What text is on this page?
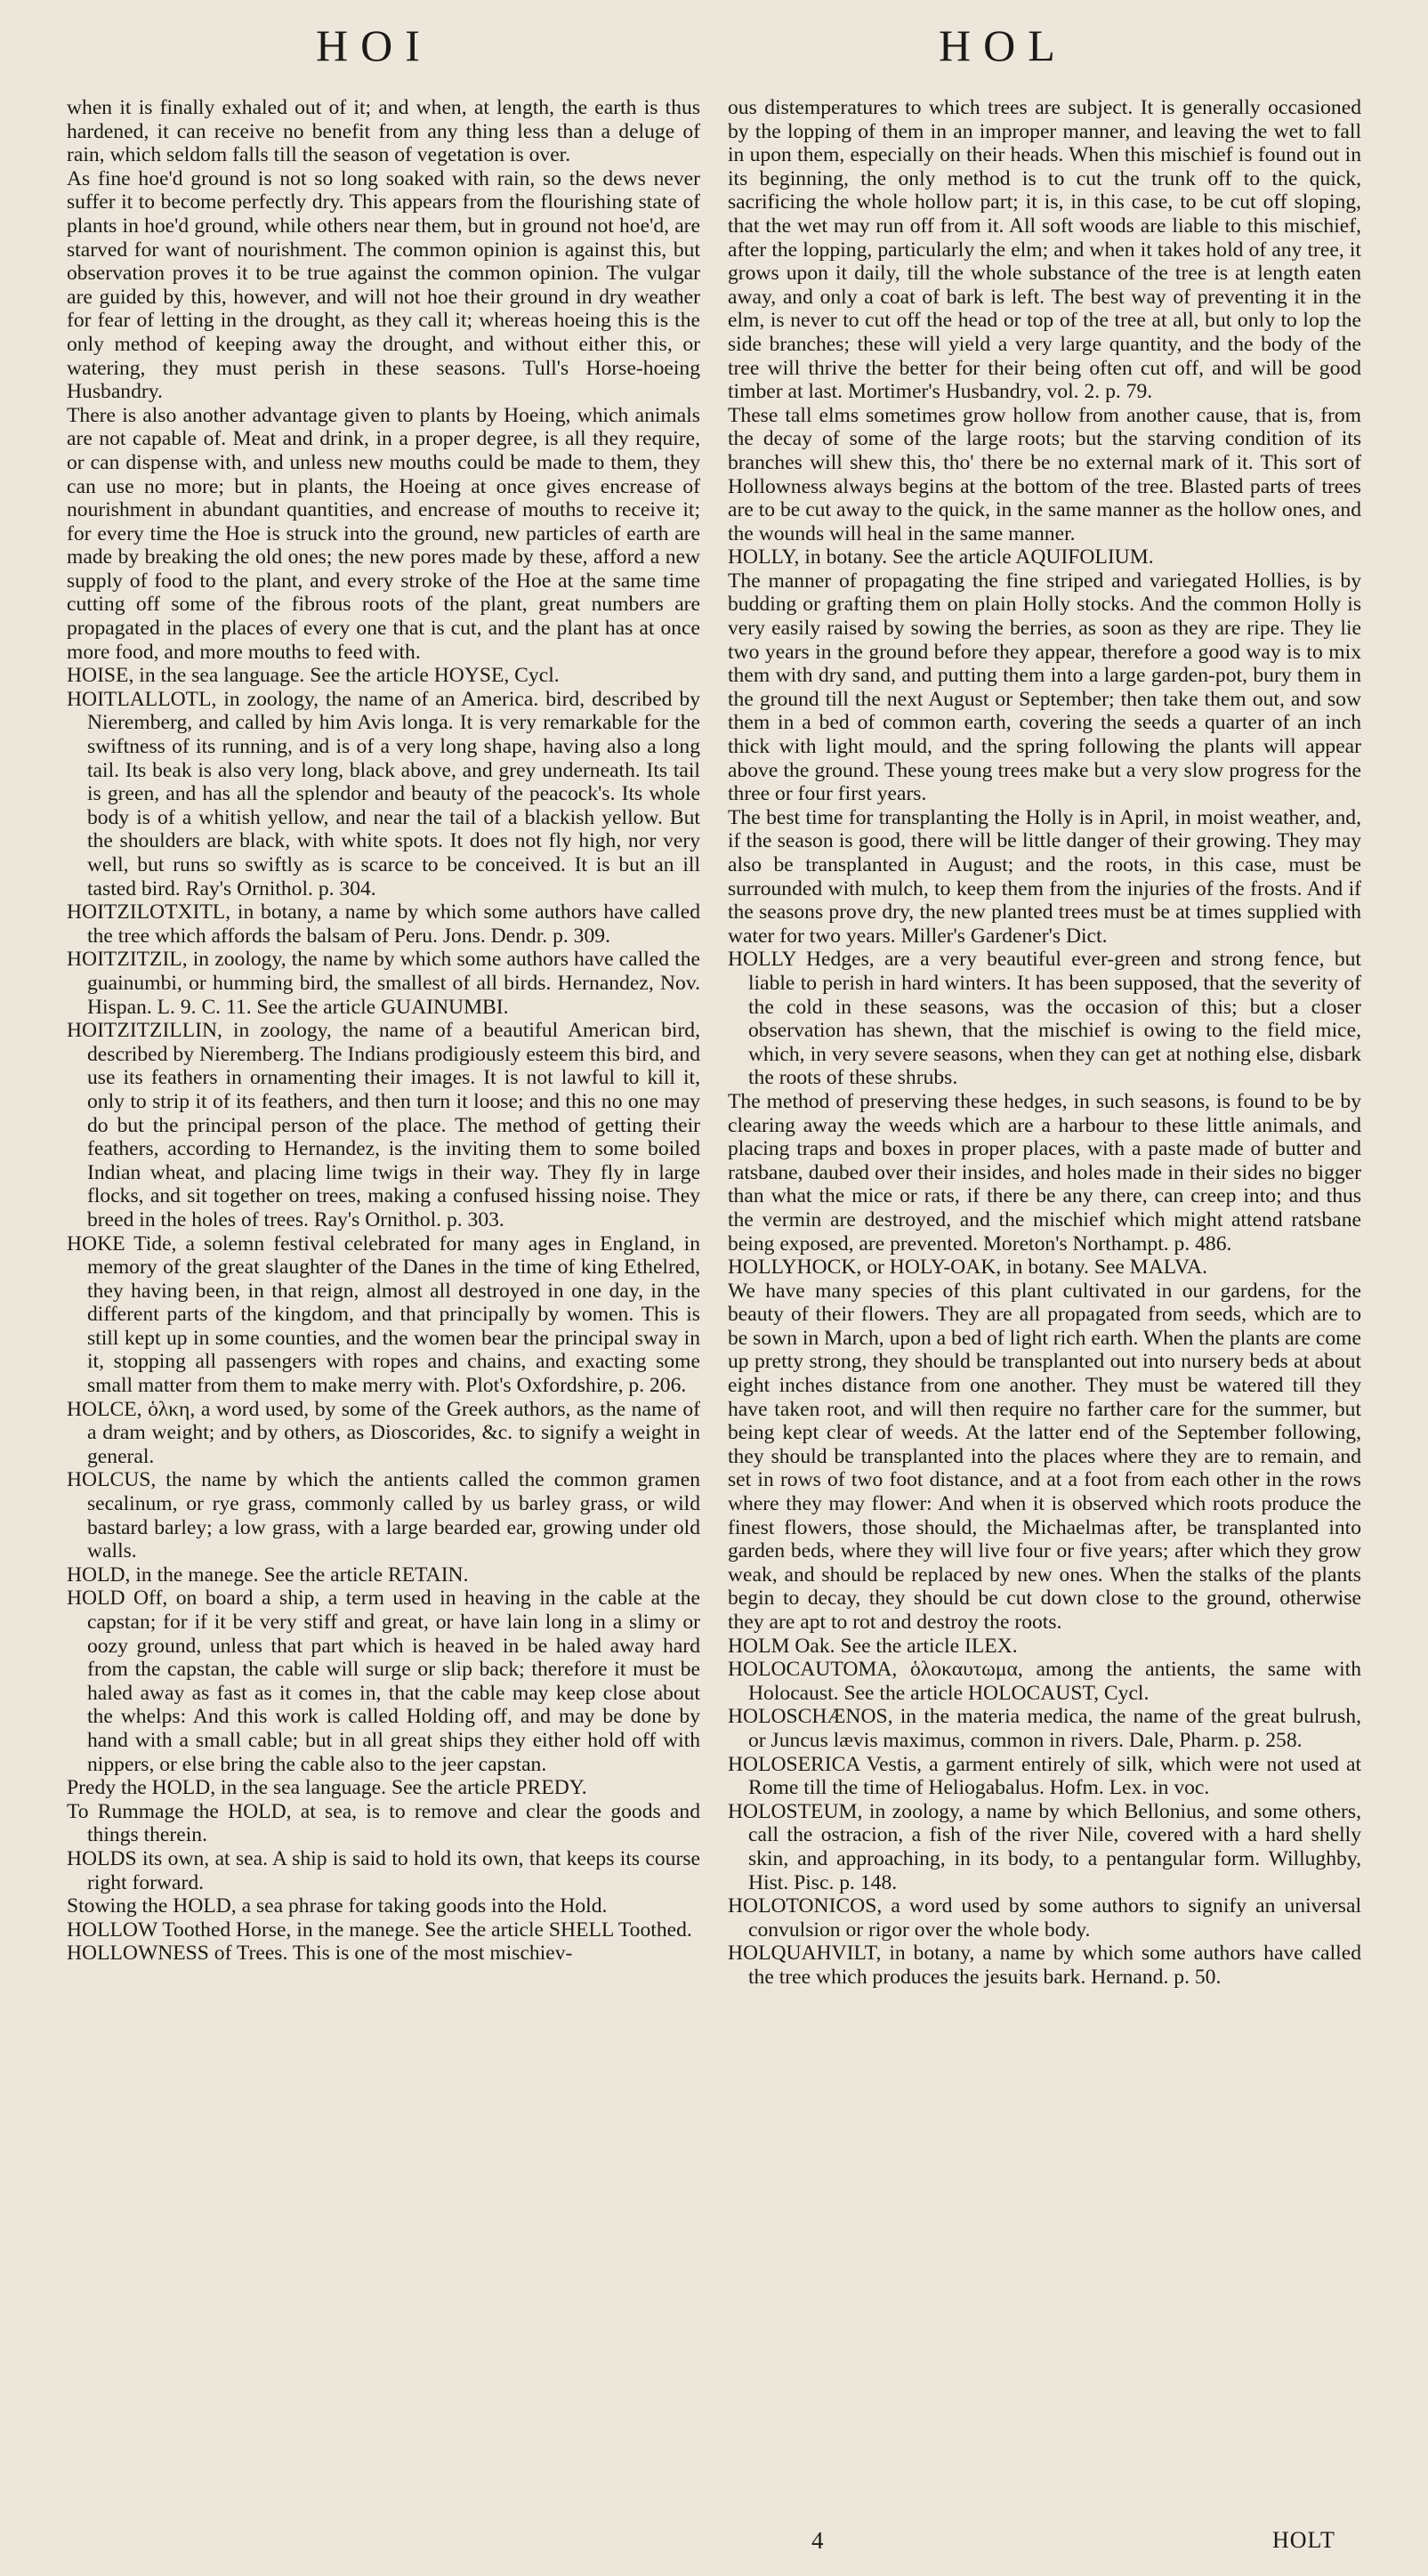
HOI	HOL

when it is finally exhaled out of it; and when, at length, the earth is thus hardened, it can receive no benefit from any thing less than a deluge of rain, which seldom falls till the season of vegetation is over.

As fine hoe'd ground is not so long soaked with rain, so the dews never suffer it to become perfectly dry. This appears from the flourishing state of plants in hoe'd ground, while others near them, but in ground not hoe'd, are starved for want of nourishment. The common opinion is against this, but observation proves it to be true against the common opinion. The vulgar are guided by this, however, and will not hoe their ground in dry weather for fear of letting in the drought, as they call it; whereas hoeing this is the only method of keeping away the drought, and without either this, or watering, they must perish in these seasons. Tull's Horse-hoeing Husbandry.

There is also another advantage given to plants by Hoeing, which animals are not capable of. Meat and drink, in a proper degree, is all they require, or can dispense with, and unless new mouths could be made to them, they can use no more; but in plants, the Hoeing at once gives encrease of nourishment in abundant quantities, and encrease of mouths to receive it; for every time the Hoe is struck into the ground, new particles of earth are made by breaking the old ones; the new pores made by these, afford a new supply of food to the plant, and every stroke of the Hoe at the same time cutting off some of the fibrous roots of the plant, great numbers are propagated in the places of every one that is cut, and the plant has at once more food, and more mouths to feed with.

HOISE, in the sea language. See the article HOYSE, Cycl.

HOITLALLOTL, in zoology, the name of an America. bird, described by Nieremberg, and called by him Avis longa. It is very remarkable for the swiftness of its running, and is of a very long shape, having also a long tail. Its beak is also very long, black above, and grey underneath. Its tail is green, and has all the splendor and beauty of the peacock's. Its whole body is of a whitish yellow, and near the tail of a blackish yellow. But the shoulders are black, with white spots. It does not fly high, nor very well, but runs so swiftly as is scarce to be conceived. It is but an ill tasted bird. Ray's Ornithol. p. 304.

HOITZILOTXITL, in botany, a name by which some authors have called the tree which affords the balsam of Peru. Jons. Dendr. p. 309.

HOITZITZIL, in zoology, the name by which some authors have called the guainumbi, or humming bird, the smallest of all birds. Hernandez, Nov. Hispan. L. 9. C. 11. See the article GUAINUMBI.

HOITZITZILLIN, in zoology, the name of a beautiful American bird, described by Nieremberg. The Indians prodigiously esteem this bird, and use its feathers in ornamenting their images. It is not lawful to kill it, only to strip it of its feathers, and then turn it loose; and this no one may do but the principal person of the place. The method of getting their feathers, according to Hernandez, is the inviting them to some boiled Indian wheat, and placing lime twigs in their way. They fly in large flocks, and sit together on trees, making a confused hissing noise. They breed in the holes of trees. Ray's Ornithol. p. 303.

HOKE Tide, a solemn festival celebrated for many ages in England, in memory of the great slaughter of the Danes in the time of king Ethelred, they having been, in that reign, almost all destroyed in one day, in the different parts of the kingdom, and that principally by women. This is still kept up in some counties, and the women bear the principal sway in it, stopping all passengers with ropes and chains, and exacting some small matter from them to make merry with. Plot's Oxfordshire, p. 206.

HOLCE, ὁλκη, a word used, by some of the Greek authors, as the name of a dram weight; and by others, as Dioscorides, &c. to signify a weight in general.

HOLCUS, the name by which the antients called the common gramen secalinum, or rye grass, commonly called by us barley grass, or wild bastard barley; a low grass, with a large bearded ear, growing under old walls.

HOLD, in the manege. See the article RETAIN.

HOLD Off, on board a ship, a term used in heaving in the cable at the capstan; for if it be very stiff and great, or have lain long in a slimy or oozy ground, unless that part which is heaved in be haled away hard from the capstan, the cable will surge or slip back; therefore it must be haled away as fast as it comes in, that the cable may keep close about the whelps: And this work is called Holding off, and may be done by hand with a small cable; but in all great ships they either hold off with nippers, or else bring the cable also to the jeer capstan.

Predy the HOLD, in the sea language. See the article PREDY.

To Rummage the HOLD, at sea, is to remove and clear the goods and things therein.

HOLDS its own, at sea. A ship is said to hold its own, that keeps its course right forward.

Stowing the HOLD, a sea phrase for taking goods into the Hold.

HOLLOW Toothed Horse, in the manege. See the article SHELL Toothed.

HOLLOWNESS of Trees. This is one of the most mischiev-

ous distemperatures to which trees are subject. It is generally occasioned by the lopping of them in an improper manner, and leaving the wet to fall in upon them, especially on their heads. When this mischief is found out in its beginning, the only method is to cut the trunk off to the quick, sacrificing the whole hollow part; it is, in this case, to be cut off sloping, that the wet may run off from it. All soft woods are liable to this mischief, after the lopping, particularly the elm; and when it takes hold of any tree, it grows upon it daily, till the whole substance of the tree is at length eaten away, and only a coat of bark is left. The best way of preventing it in the elm, is never to cut off the head or top of the tree at all, but only to lop the side branches; these will yield a very large quantity, and the body of the tree will thrive the better for their being often cut off, and will be good timber at last. Mortimer's Husbandry, vol. 2. p. 79.

These tall elms sometimes grow hollow from another cause, that is, from the decay of some of the large roots; but the starving condition of its branches will shew this, tho' there be no external mark of it. This sort of Hollowness always begins at the bottom of the tree. Blasted parts of trees are to be cut away to the quick, in the same manner as the hollow ones, and the wounds will heal in the same manner.

HOLLY, in botany. See the article AQUIFOLIUM.

The manner of propagating the fine striped and variegated Hollies, is by budding or grafting them on plain Holly stocks. And the common Holly is very easily raised by sowing the berries, as soon as they are ripe. They lie two years in the ground before they appear, therefore a good way is to mix them with dry sand, and putting them into a large garden-pot, bury them in the ground till the next August or September; then take them out, and sow them in a bed of common earth, covering the seeds a quarter of an inch thick with light mould, and the spring following the plants will appear above the ground. These young trees make but a very slow progress for the three or four first years.

The best time for transplanting the Holly is in April, in moist weather, and, if the season is good, there will be little danger of their growing. They may also be transplanted in August; and the roots, in this case, must be surrounded with mulch, to keep them from the injuries of the frosts. And if the seasons prove dry, the new planted trees must be at times supplied with water for two years. Miller's Gardener's Dict.

HOLLY Hedges, are a very beautiful ever-green and strong fence, but liable to perish in hard winters. It has been supposed, that the severity of the cold in these seasons, was the occasion of this; but a closer observation has shewn, that the mischief is owing to the field mice, which, in very severe seasons, when they can get at nothing else, disbark the roots of these shrubs.

The method of preserving these hedges, in such seasons, is found to be by clearing away the weeds which are a harbour to these little animals, and placing traps and boxes in proper places, with a paste made of butter and ratsbane, daubed over their insides, and holes made in their sides no bigger than what the mice or rats, if there be any there, can creep into; and thus the vermin are destroyed, and the mischief which might attend ratsbane being exposed, are prevented. Moreton's Northampt. p. 486.

HOLLYHOCK, or HOLY-OAK, in botany. See MALVA.

We have many species of this plant cultivated in our gardens, for the beauty of their flowers. They are all propagated from seeds, which are to be sown in March, upon a bed of light rich earth. When the plants are come up pretty strong, they should be transplanted out into nursery beds at about eight inches distance from one another. They must be watered till they have taken root, and will then require no farther care for the summer, but being kept clear of weeds. At the latter end of the September following, they should be transplanted into the places where they are to remain, and set in rows of two foot distance, and at a foot from each other in the rows where they may flower: And when it is observed which roots produce the finest flowers, those should, the Michaelmas after, be transplanted into garden beds, where they will live four or five years; after which they grow weak, and should be replaced by new ones. When the stalks of the plants begin to decay, they should be cut down close to the ground, otherwise they are apt to rot and destroy the roots.

HOLM Oak. See the article ILEX.

HOLOCAUTOMA, ὁλοκαυτωμα, among the antients, the same with Holocaust. See the article HOLOCAUST, Cycl.

HOLOSCHÆNOS, in the materia medica, the name of the great bulrush, or Juncus lævis maximus, common in rivers. Dale, Pharm. p. 258.

HOLOSERICA Vestis, a garment entirely of silk, which were not used at Rome till the time of Heliogabalus. Hofm. Lex. in voc.

HOLOSTEUM, in zoology, a name by which Bellonius, and some others, call the ostracion, a fish of the river Nile, covered with a hard shelly skin, and approaching, in its body, to a pentangular form. Willughby, Hist. Pisc. p. 148.

HOLOTONICOS, a word used by some authors to signify an universal convulsion or rigor over the whole body.

HOLQUAHVILT, in botany, a name by which some authors have called the tree which produces the jesuits bark. Hernand. p. 50.

4	HOLT
